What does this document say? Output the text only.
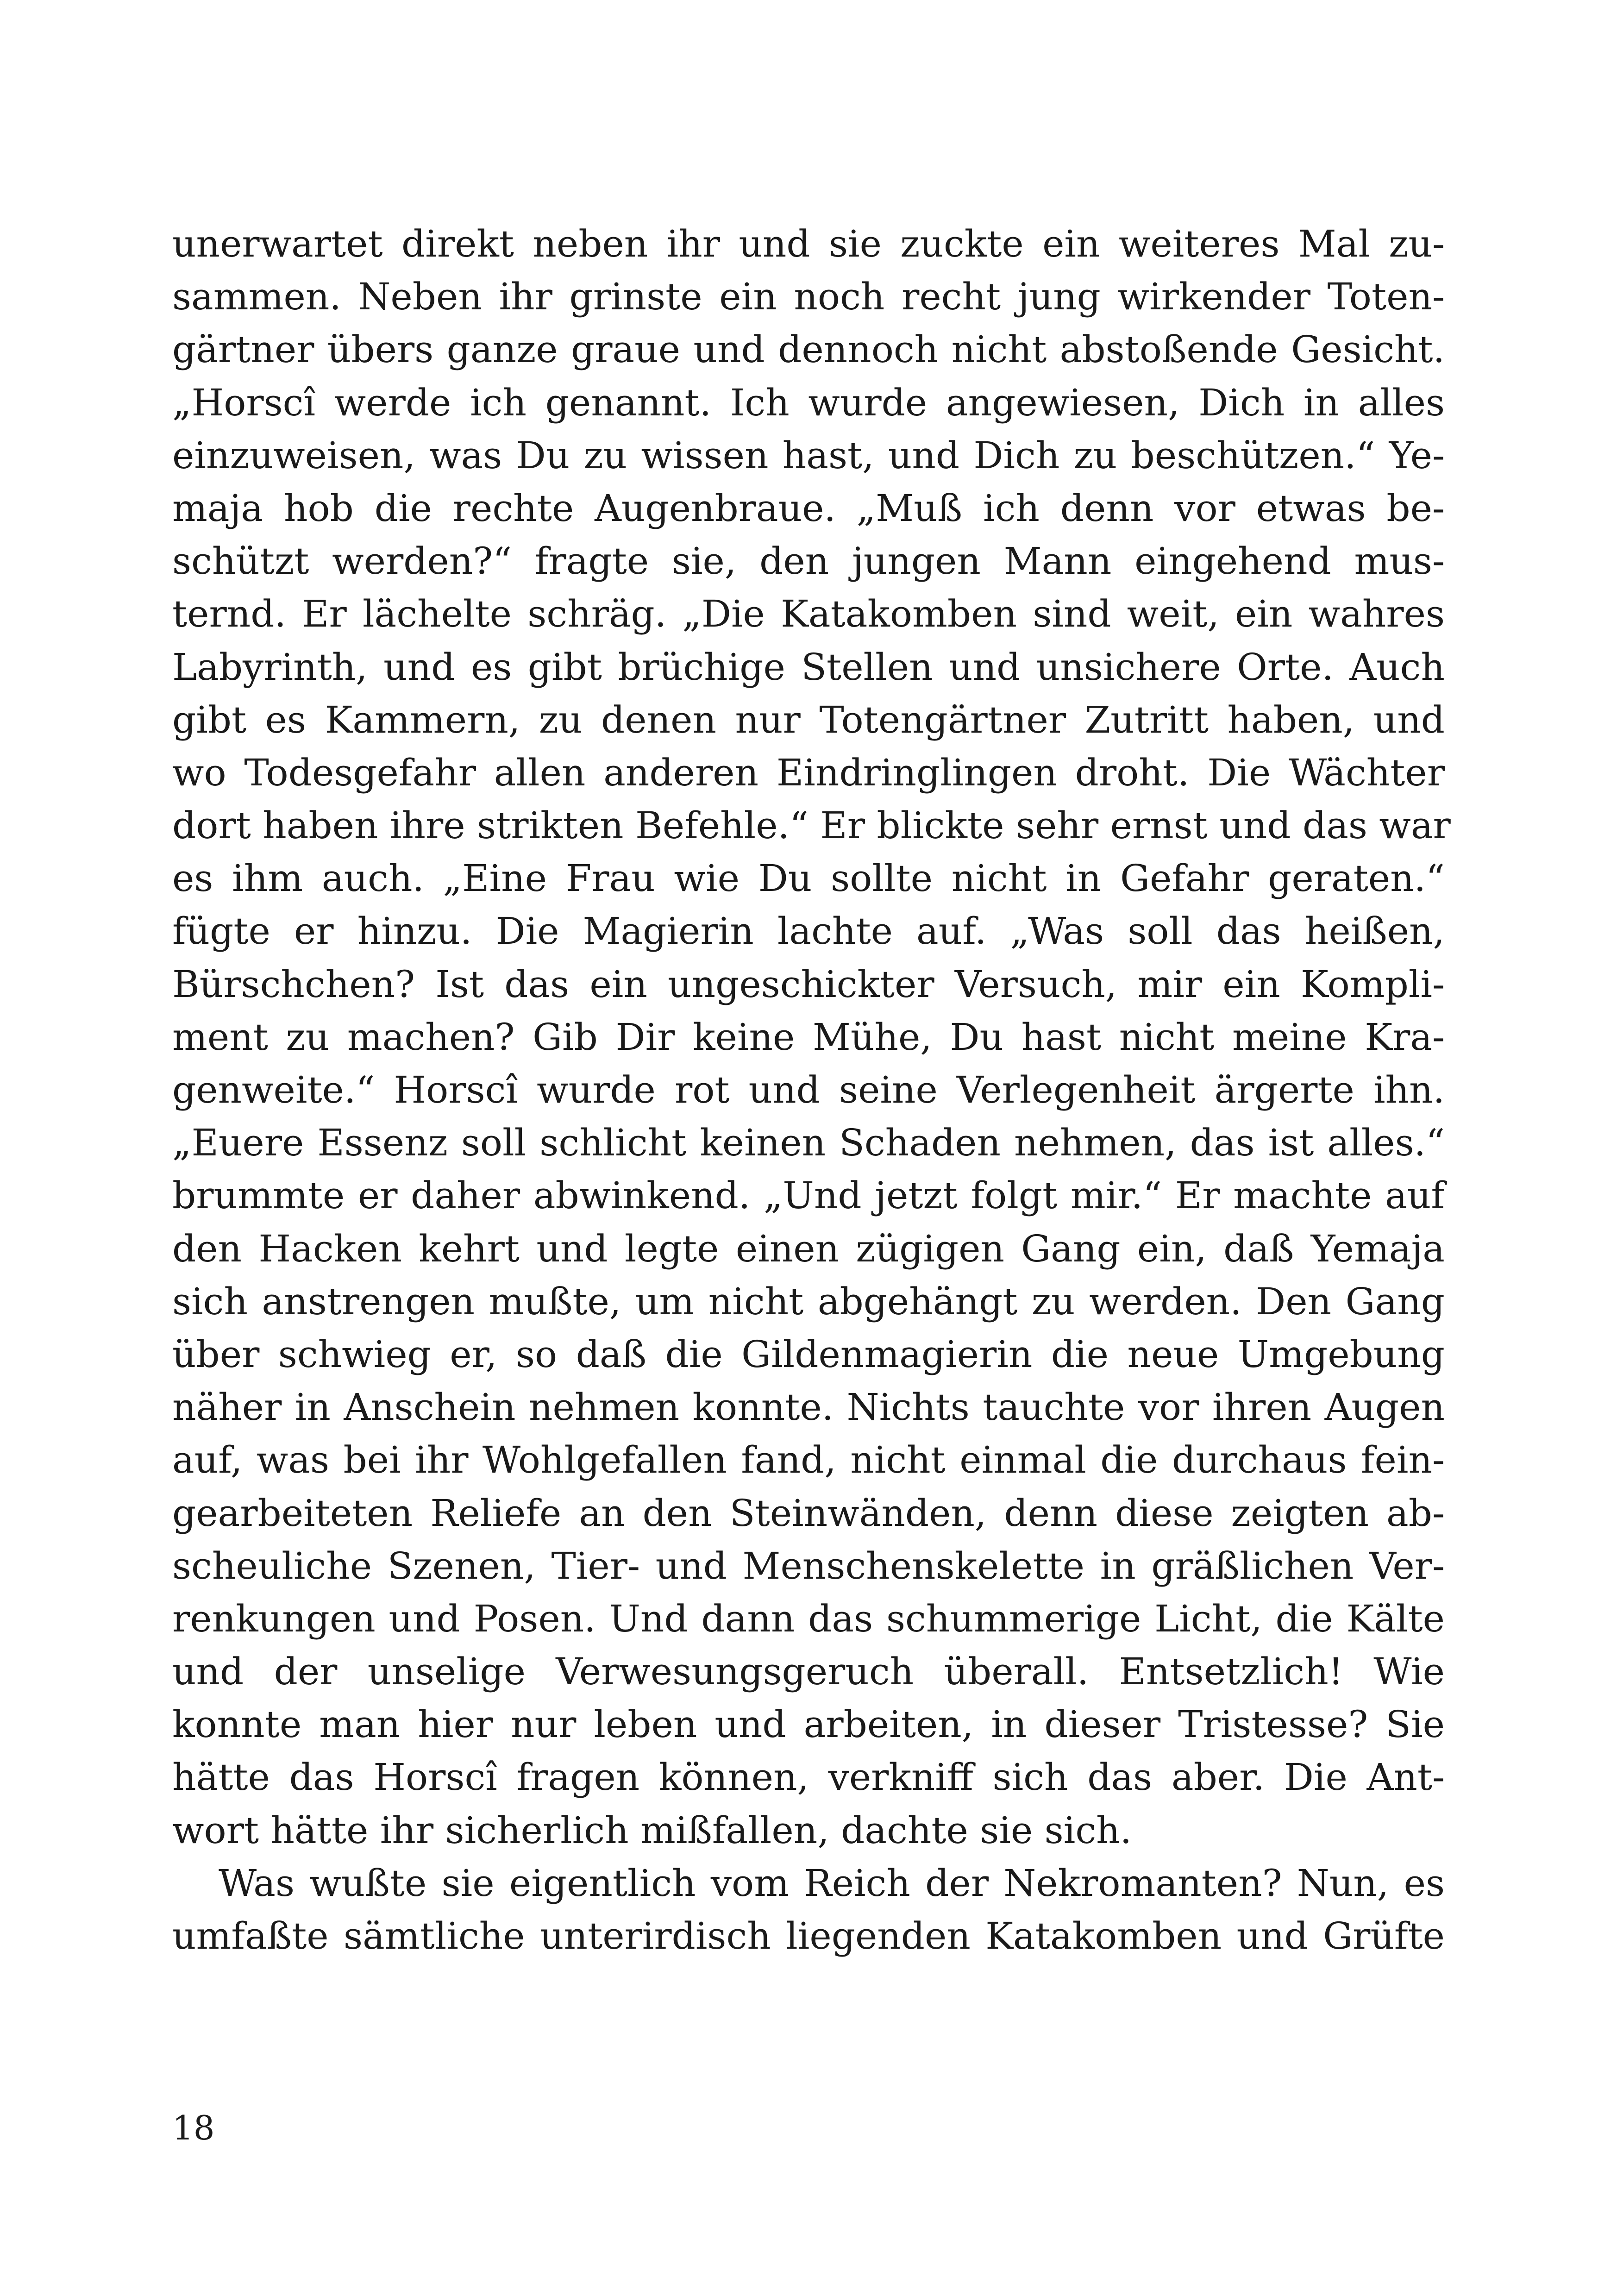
unerwartet direkt neben ihr und sie zuckte ein weiteres Mal zu-
sammen. Neben ihr grinste ein noch recht jung wirkender Toten-
gärtner übers ganze graue und dennoch nicht abstoßende Gesicht.
„Horscî werde ich genannt. Ich wurde angewiesen, Dich in alles
einzuweisen, was Du zu wissen hast, und Dich zu beschützen.“ Ye-
maja hob die rechte Augenbraue. „Muß ich denn vor etwas be-
schützt werden?“ fragte sie, den jungen Mann eingehend mus-
ternd. Er lächelte schräg. „Die Katakomben sind weit, ein wahres
Labyrinth, und es gibt brüchige Stellen und unsichere Orte. Auch
gibt es Kammern, zu denen nur Totengärtner Zutritt haben, und
wo Todesgefahr allen anderen Eindringlingen droht. Die Wächter
dort haben ihre strikten Befehle.“ Er blickte sehr ernst und das war
es ihm auch. „Eine Frau wie Du sollte nicht in Gefahr geraten.“
fügte er hinzu. Die Magierin lachte auf. „Was soll das heißen,
Bürschchen? Ist das ein ungeschickter Versuch, mir ein Kompli-
ment zu machen? Gib Dir keine Mühe, Du hast nicht meine Kra-
genweite.“ Horscî wurde rot und seine Verlegenheit ärgerte ihn.
„Euere Essenz soll schlicht keinen Schaden nehmen, das ist alles.“
brummte er daher abwinkend. „Und jetzt folgt mir.“ Er machte auf
den Hacken kehrt und legte einen zügigen Gang ein, daß Yemaja
sich anstrengen mußte, um nicht abgehängt zu werden. Den Gang
über schwieg er, so daß die Gildenmagierin die neue Umgebung
näher in Anschein nehmen konnte. Nichts tauchte vor ihren Augen
auf, was bei ihr Wohlgefallen fand, nicht einmal die durchaus fein-
gearbeiteten Reliefe an den Steinwänden, denn diese zeigten ab-
scheuliche Szenen, Tier- und Menschenskelette in gräßlichen Ver-
renkungen und Posen. Und dann das schummerige Licht, die Kälte
und der unselige Verwesungsgeruch überall. Entsetzlich! Wie
konnte man hier nur leben und arbeiten, in dieser Tristesse? Sie
hätte das Horscî fragen können, verkniff sich das aber. Die Ant-
wort hätte ihr sicherlich mißfallen, dachte sie sich.
Was wußte sie eigentlich vom Reich der Nekromanten? Nun, es
umfaßte sämtliche unterirdisch liegenden Katakomben und Grüfte
18
